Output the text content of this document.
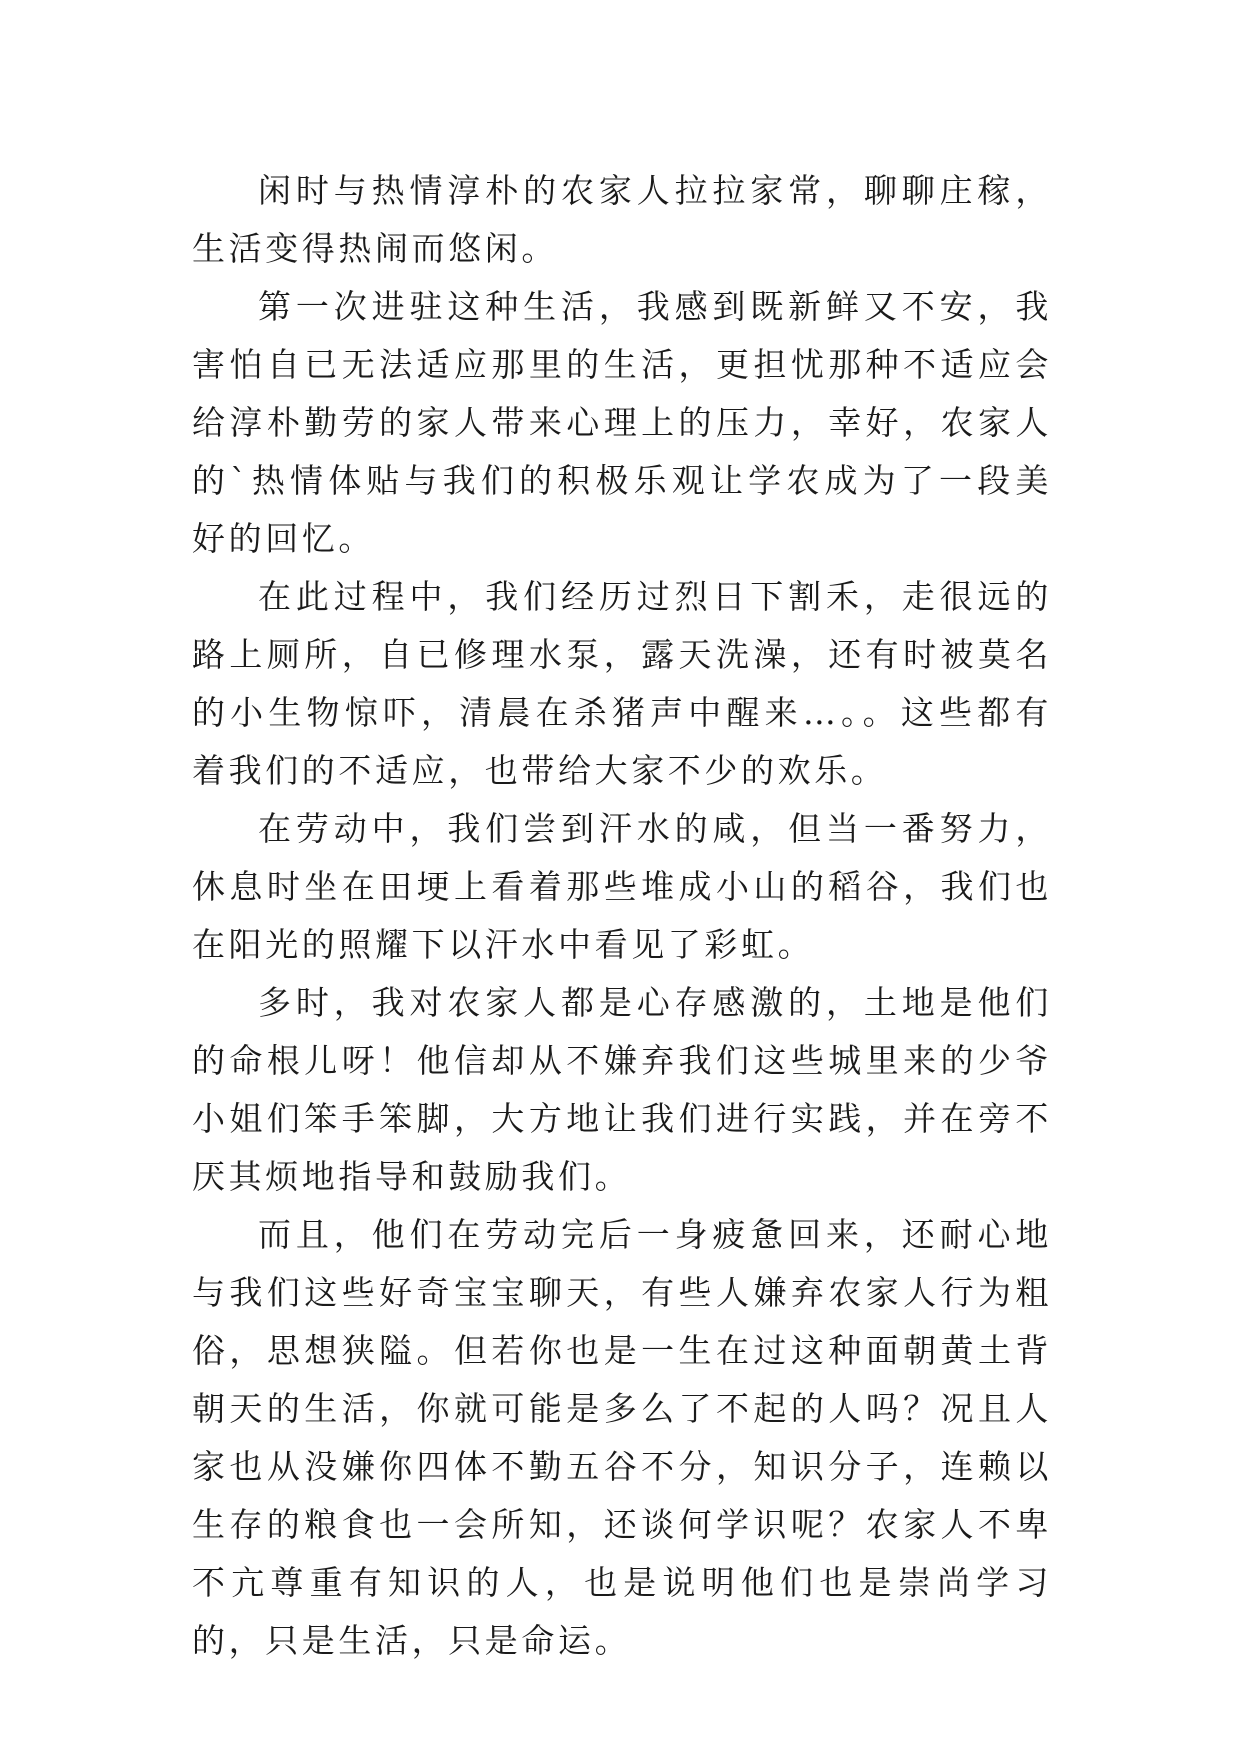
闲时与热情淳朴的农家人拉拉家常，聊聊庄稼，生活变得热闹而悠闲。

第一次进驻这种生活，我感到既新鲜又不安，我害怕自已无法适应那里的生活，更担忧那种不适应会给淳朴勤劳的家人带来心理上的压力，幸好，农家人的`热情体贴与我们的积极乐观让学农成为了一段美好的回忆。

在此过程中，我们经历过烈日下割禾，走很远的路上厕所，自已修理水泵，露天洗澡，还有时被莫名的小生物惊吓，清晨在杀猪声中醒来…。。这些都有着我们的不适应，也带给大家不少的欢乐。

在劳动中，我们尝到汗水的咸，但当一番努力，休息时坐在田埂上看着那些堆成小山的稻谷，我们也在阳光的照耀下以汗水中看见了彩虹。

多时，我对农家人都是心存感激的，土地是他们的命根儿呀！他信却从不嫌弃我们这些城里来的少爷小姐们笨手笨脚，大方地让我们进行实践，并在旁不厌其烦地指导和鼓励我们。

而且，他们在劳动完后一身疲惫回来，还耐心地与我们这些好奇宝宝聊天，有些人嫌弃农家人行为粗俗，思想狭隘。但若你也是一生在过这种面朝黄土背朝天的生活，你就可能是多么了不起的人吗？况且人家也从没嫌你四体不勤五谷不分，知识分子，连赖以生存的粮食也一会所知，还谈何学识呢？农家人不卑不亢尊重有知识的人，也是说明他们也是崇尚学习的，只是生活，只是命运。
